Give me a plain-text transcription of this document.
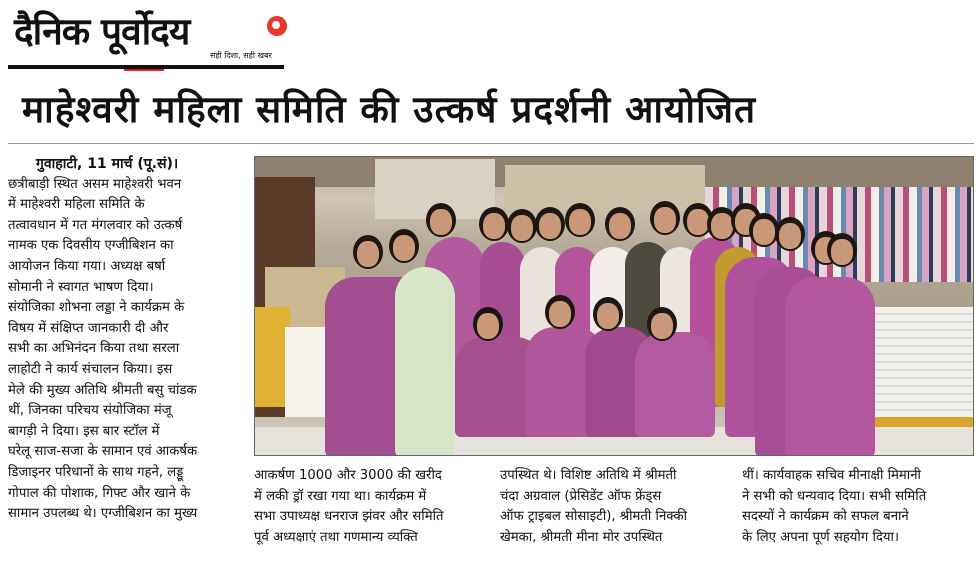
दैनिक पूर्वोदय
सही दिशा, सही खबर
माहेश्वरी महिला समिति की उत्कर्ष प्रदर्शनी आयोजित
गुवाहाटी, 11 मार्च (पू.सं)।
छत्रीबाड़ी स्थित असम माहेश्वरी भवन
में माहेश्वरी महिला समिति के
तत्वावधान में गत मंगलवार को उत्कर्ष
नामक एक दिवसीय एग्जीबिशन का
आयोजन किया गया। अध्यक्ष बर्षा
सोमानी ने स्वागत भाषण दिया।
संयोजिका शोभना लड्डा ने कार्यक्रम के
विषय में संक्षिप्त जानकारी दी और
सभी का अभिनंदन किया तथा सरला
लाहोटी ने कार्य संचालन किया। इस
मेले की मुख्य अतिथि श्रीमती बसु चांडक
थीं, जिनका परिचय संयोजिका मंजू
बागड़ी ने दिया। इस बार स्टॉल में
घरेलू साज-सजा के सामान एवं आकर्षक
डिजाइनर परिधानों के साथ गहने, लड्डू
गोपाल की पोशाक, गिफ्ट और खाने के
सामान उपलब्ध थे। एग्जीबिशन का मुख्य
आकर्षण 1000 और 3000 की खरीद
में लकी ड्रॉ रखा गया था। कार्यक्रम में
सभा उपाध्यक्ष धनराज झंवर और समिति
पूर्व अध्यक्षाएं तथा गणमान्य व्यक्ति
उपस्थित थे। विशिष्ट अतिथि में श्रीमती
चंदा अग्रवाल (प्रेसिडेंट ऑफ फ्रेंड्स
ऑफ ट्राइबल सोसाइटी), श्रीमती निक्की
खेमका, श्रीमती मीना मोर उपस्थित
थीं। कार्यवाहक सचिव मीनाक्षी मिमानी
ने सभी को धन्यवाद दिया। सभी समिति
सदस्यों ने कार्यक्रम को सफल बनाने
के लिए अपना पूर्ण सहयोग दिया।
